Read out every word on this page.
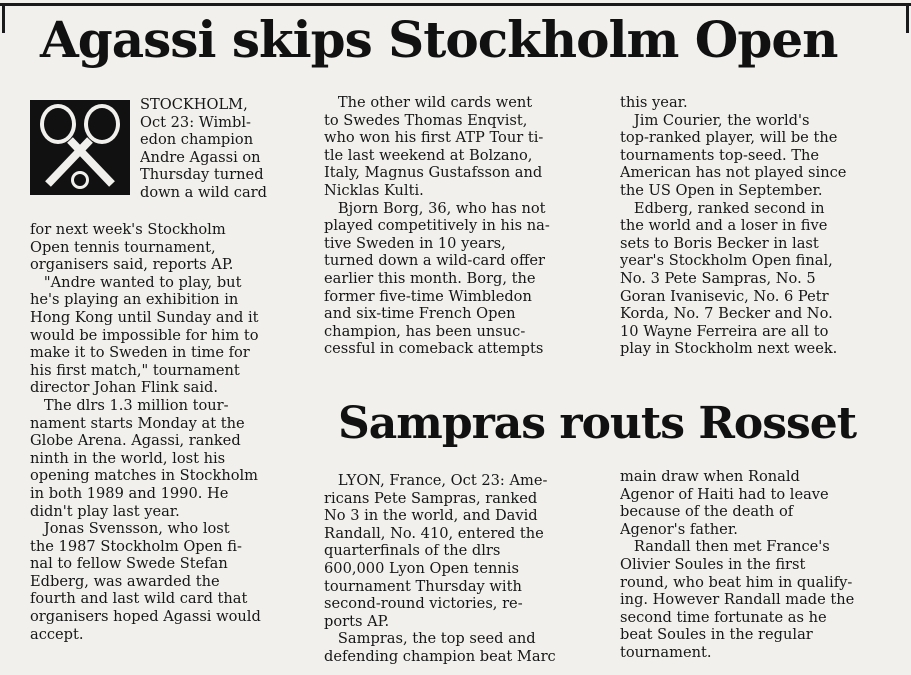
Agassi skips Stockholm Open
STOCKHOLM,
Oct 23: Wimbl-
edon champion
Andre Agassi on
Thursday turned
down a wild card
for next week's Stockholm
Open tennis tournament,
organisers said, reports AP.
"Andre wanted to play, but
he's playing an exhibition in
Hong Kong until Sunday and it
would be impossible for him to
make it to Sweden in time for
his first match," tournament
director Johan Flink said.
The dlrs 1.3 million tour-
nament starts Monday at the
Globe Arena. Agassi, ranked
ninth in the world, lost his
opening matches in Stockholm
in both 1989 and 1990. He
didn't play last year.
Jonas Svensson, who lost
the 1987 Stockholm Open fi-
nal to fellow Swede Stefan
Edberg, was awarded the
fourth and last wild card that
organisers hoped Agassi would
accept.
The other wild cards went
to Swedes Thomas Enqvist,
who won his first ATP Tour ti-
tle last weekend at Bolzano,
Italy, Magnus Gustafsson and
Nicklas Kulti.
Bjorn Borg, 36, who has not
played competitively in his na-
tive Sweden in 10 years,
turned down a wild-card offer
earlier this month. Borg, the
former five-time Wimbledon
and six-time French Open
champion, has been unsuc-
cessful in comeback attempts
this year.
Jim Courier, the world's
top-ranked player, will be the
tournaments top-seed. The
American has not played since
the US Open in September.
Edberg, ranked second in
the world and a loser in five
sets to Boris Becker in last
year's Stockholm Open final,
No. 3 Pete Sampras, No. 5
Goran Ivanisevic, No. 6 Petr
Korda, No. 7 Becker and No.
10 Wayne Ferreira are all to
play in Stockholm next week.
Sampras routs Rosset
LYON, France, Oct 23: Ame-
ricans Pete Sampras, ranked
No 3 in the world, and David
Randall, No. 410, entered the
quarterfinals of the dlrs
600,000 Lyon Open tennis
tournament Thursday with
second-round victories, re-
ports AP.
Sampras, the top seed and
defending champion beat Marc
main draw when Ronald
Agenor of Haiti had to leave
because of the death of
Agenor's father.
Randall then met France's
Olivier Soules in the first
round, who beat him in qualify-
ing. However Randall made the
second time fortunate as he
beat Soules in the regular
tournament.
